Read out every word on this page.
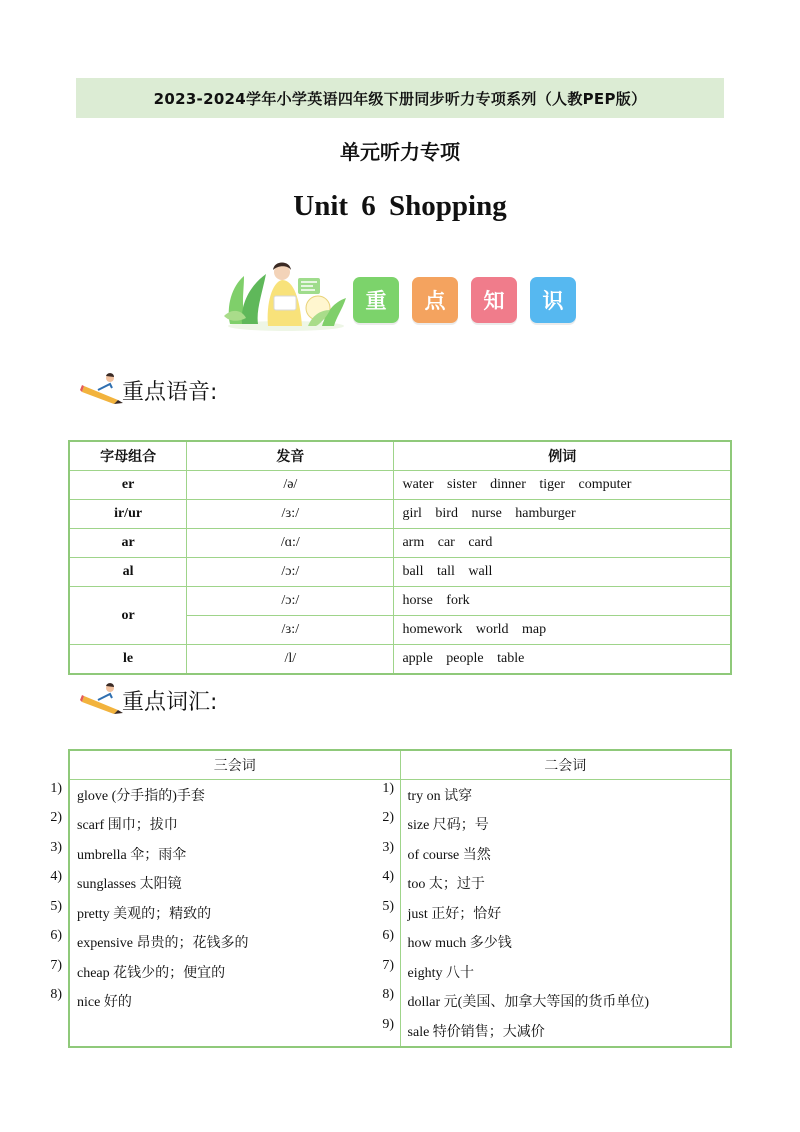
2023-2024学年小学英语四年级下册同步听力专项系列（人教PEP版）
单元听力专项
Unit 6 Shopping
重	点	知	识
重点语音:
字母组合	发音	例词
er	/ə/	water sister dinner tiger computer
ir/ur	/ɜ:/	girl bird nurse hamburger
ar	/ɑ:/	arm car card
al	/ɔ:/	ball tall wall
or	/ɔ:/	horse fork
	/ɜ:/	homework world map
le	/l/	apple people table
重点词汇:
三会词	二会词
glove (分手指的)手套	try on 试穿
scarf 围巾；拔巾	size 尺码；号
umbrella 伞；雨伞	of course 当然
sunglasses 太阳镜	too 太；过于
pretty 美观的；精致的	just 正好；恰好
expensive 昂贵的；花钱多的	how much 多少钱
cheap 花钱少的；便宜的	eighty 八十
nice 好的	dollar 元(美国、加拿大等国的货币单位)
	sale 特价销售；大减价
1)
2)
3)
4)
5)
6)
7)
8)
1)
2)
3)
4)
5)
6)
7)
8)
9)
